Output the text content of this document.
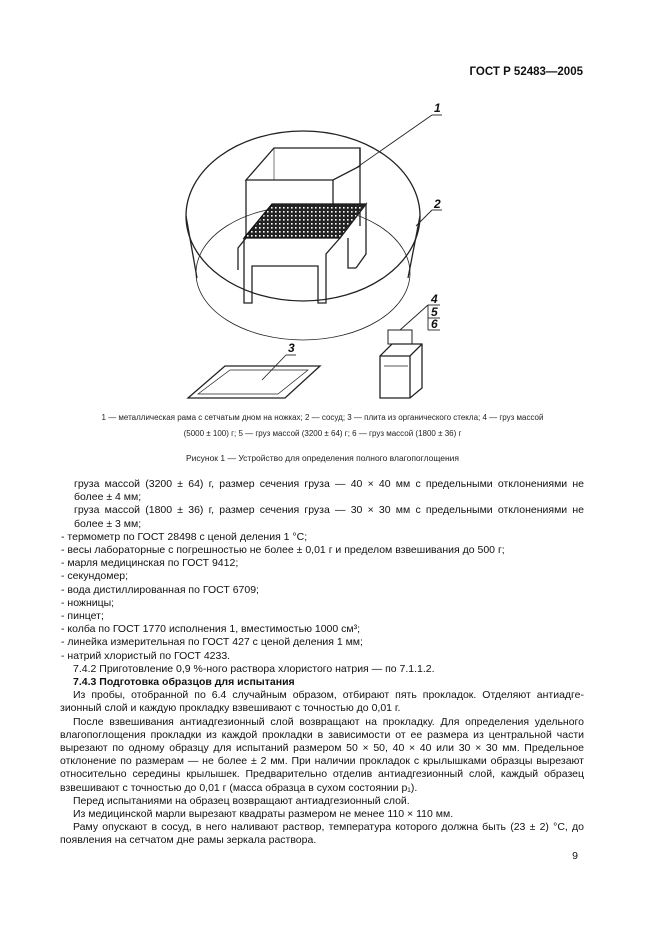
ГОСТ Р 52483—2005
1
2
3
4
5
6
1 — металлическая рама с сетчатым дном на ножках; 2 — сосуд; 3 — плита из органического стекла; 4 — груз массой
(5000 ± 100) г; 5 — груз массой (3200 ± 64) г; 6 — груз массой (1800 ± 36) г
Рисунок 1 — Устройство для определения полного влагопоглощения
груза массой (3200 ± 64) г, размер сечения груза — 40 × 40 мм с предельными отклонениями не
более ± 4 мм;
груза массой (1800 ± 36) г, размер сечения груза — 30 × 30 мм с предельными отклонениями не
более ± 3 мм;
- термометр по ГОСТ 28498 с ценой деления 1 °С;
- весы лабораторные с погрешностью не более ± 0,01 г и пределом взвешивания до 500 г;
- марля медицинская по ГОСТ 9412;
- секундомер;
- вода дистиллированная по ГОСТ 6709;
- ножницы;
- пинцет;
- колба по ГОСТ 1770 исполнения 1, вместимостью 1000 см³;
- линейка измерительная по ГОСТ 427 с ценой деления 1 мм;
- натрий хлористый по ГОСТ 4233.
7.4.2 Приготовление 0,9 %-ного раствора хлористого натрия — по 7.1.1.2.
7.4.3 Подготовка образцов для испытания
Из пробы, отобранной по 6.4 случайным образом, отбирают пять прокладок. Отделяют антиадге-
зионный слой и каждую прокладку взвешивают с точностью до 0,01 г.
После взвешивания антиадгезионный слой возвращают на прокладку. Для определения удельного
влагопоглощения прокладки из каждой прокладки в зависимости от ее размера из центральной части
вырезают по одному образцу для испытаний размером 50 × 50, 40 × 40 или 30 × 30 мм. Предельное
отклонение по размерам — не более ± 2 мм. При наличии прокладок с крылышками образцы вырезают
относительно середины крылышек. Предварительно отделив антиадгезионный слой, каждый образец
взвешивают с точностью до 0,01 г (масса образца в сухом состоянии p₁).
Перед испытаниями на образец возвращают антиадгезионный слой.
Из медицинской марли вырезают квадраты размером не менее 110 × 110 мм.
Раму опускают в сосуд, в него наливают раствор, температура которого должна быть (23 ± 2) °С, до
появления на сетчатом дне рамы зеркала раствора.
9
